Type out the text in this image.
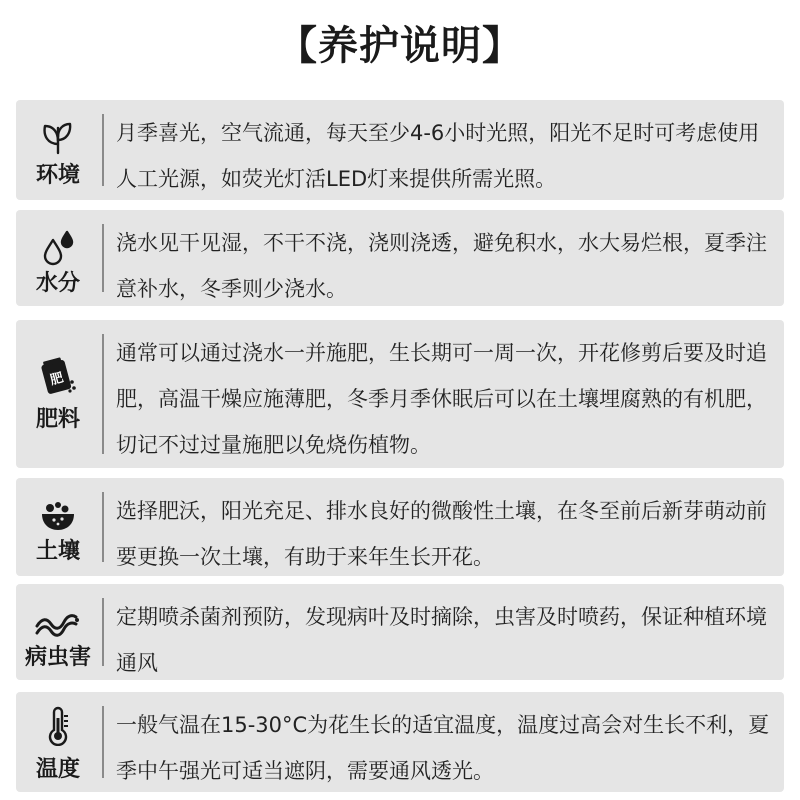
【养护说明】
环境
月季喜光，空气流通，每天至少4-6小时光照，阳光不足时可考虑使用人工光源，如荧光灯活LED灯来提供所需光照。
水分
浇水见干见湿，不干不浇，浇则浇透，避免积水，水大易烂根，夏季注意补水，冬季则少浇水。
肥
肥料
通常可以通过浇水一并施肥，生长期可一周一次，开花修剪后要及时追肥，高温干燥应施薄肥，冬季月季休眠后可以在土壤埋腐熟的有机肥，切记不过过量施肥以免烧伤植物。
土壤
选择肥沃，阳光充足、排水良好的微酸性土壤，在冬至前后新芽萌动前要更换一次土壤，有助于来年生长开花。
病虫害
定期喷杀菌剂预防，发现病叶及时摘除，虫害及时喷药，保证种植环境通风
温度
一般气温在15-30°C为花生长的适宜温度，温度过高会对生长不利，夏季中午强光可适当遮阴，需要通风透光。
